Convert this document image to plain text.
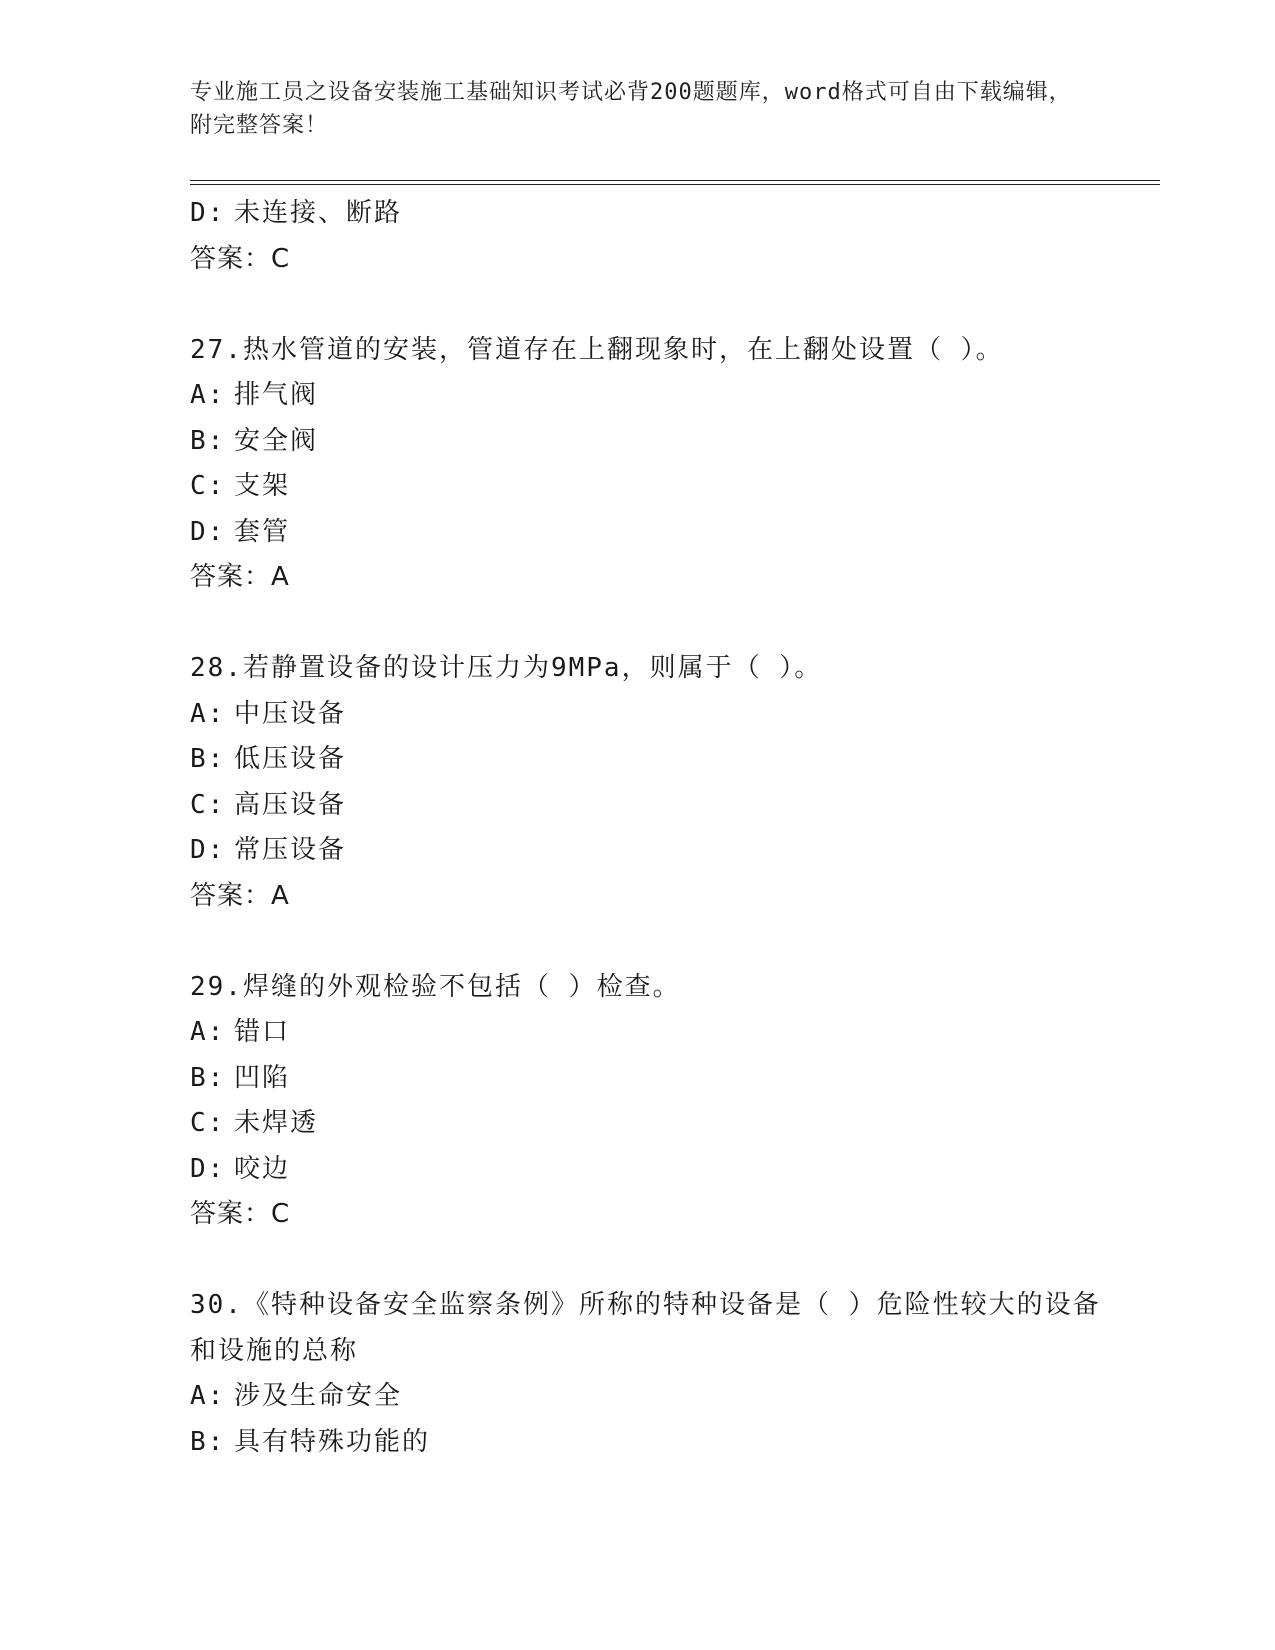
专业施工员之设备安装施工基础知识考试必背200题题库，word格式可自由下载编辑，附完整答案！
D: 未连接、断路
答案：C
27.热水管道的安装，管道存在上翻现象时，在上翻处设置（ ）。
A: 排气阀
B: 安全阀
C: 支架
D: 套管
答案：A
28.若静置设备的设计压力为9MPa，则属于（ ）。
A: 中压设备
B: 低压设备
C: 高压设备
D: 常压设备
答案：A
29.焊缝的外观检验不包括（ ）检查。
A: 错口
B: 凹陷
C: 未焊透
D: 咬边
答案：C
30.《特种设备安全监察条例》所称的特种设备是（ ）危险性较大的设备和设施的总称
A: 涉及生命安全
B: 具有特殊功能的
